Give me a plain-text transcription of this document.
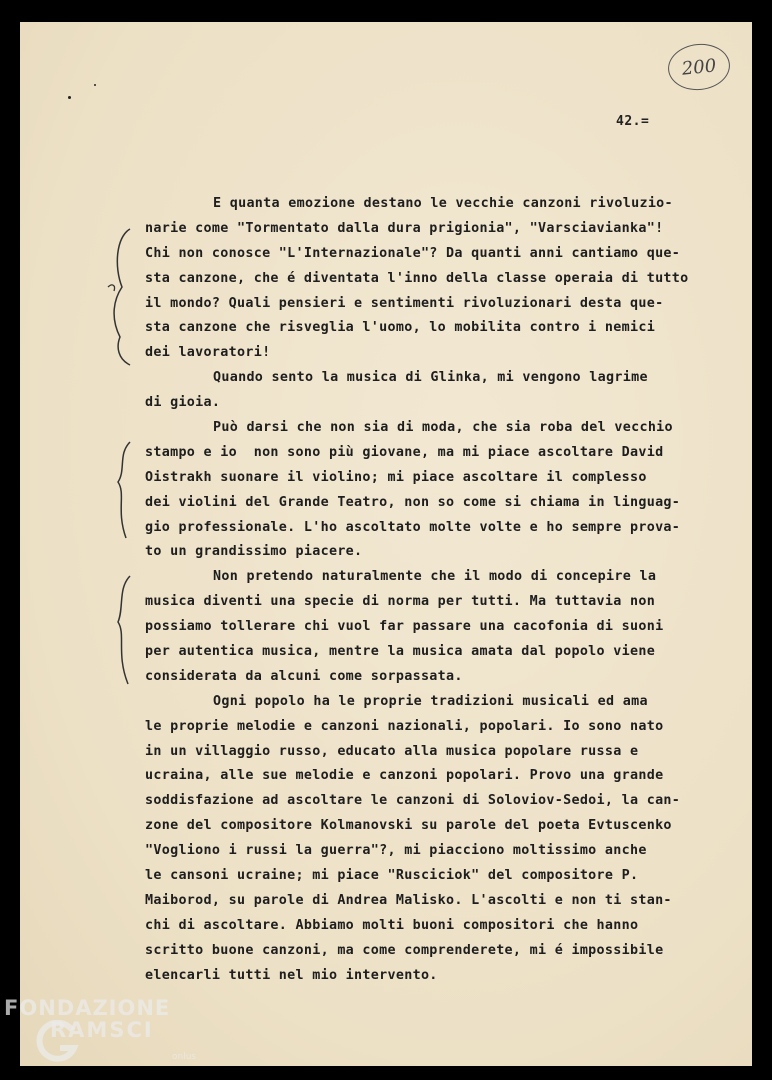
200
42.=
E quanta emozione destano le vecchie canzoni rivoluzio-
narie come "Tormentato dalla dura prigionia", "Varsciavianka"!
Chi non conosce "L'Internazionale"? Da quanti anni cantiamo que-
sta canzone, che é diventata l'inno della classe operaia di tutto
il mondo? Quali pensieri e sentimenti rivoluzionari desta que-
sta canzone che risveglia l'uomo, lo mobilita contro i nemici
dei lavoratori!
Quando sento la musica di Glinka, mi vengono lagrime
di gioia.
Può darsi che non sia di moda, che sia roba del vecchio
stampo e io  non sono più giovane, ma mi piace ascoltare David
Oistrakh suonare il violino; mi piace ascoltare il complesso
dei violini del Grande Teatro, non so come si chiama in linguag-
gio professionale. L'ho ascoltato molte volte e ho sempre prova-
to un grandissimo piacere.
Non pretendo naturalmente che il modo di concepire la
musica diventi una specie di norma per tutti. Ma tuttavia non
possiamo tollerare chi vuol far passare una cacofonia di suoni
per autentica musica, mentre la musica amata dal popolo viene
considerata da alcuni come sorpassata.
Ogni popolo ha le proprie tradizioni musicali ed ama
le proprie melodie e canzoni nazionali, popolari. Io sono nato
in un villaggio russo, educato alla musica popolare russa e
ucraina, alle sue melodie e canzoni popolari. Provo una grande
soddisfazione ad ascoltare le canzoni di Soloviov-Sedoi, la can-
zone del compositore Kolmanovski su parole del poeta Evtuscenko
"Vogliono i russi la guerra"?, mi piacciono moltissimo anche
le cansoni ucraine; mi piace "Rusciciok" del compositore P.
Maiborod, su parole di Andrea Malisko. L'ascolti e non ti stan-
chi di ascoltare. Abbiamo molti buoni compositori che hanno
scritto buone canzoni, ma come comprenderete, mi é impossibile
elencarli tutti nel mio intervento.
FONDAZIONE
RAMSCI
onlus
